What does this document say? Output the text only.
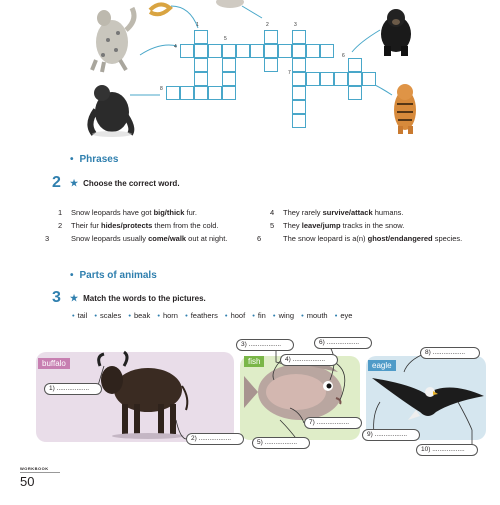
1	2	3
4
5
6
7
8
• Phrases
2 ★ Choose the correct word.
1 Snow leopards have got big/thick fur.
2 Their fur hides/protects them from the cold.
3	Snow leopards usually come/walk out at night.
4 They rarely survive/attack humans.
5 They leave/jump tracks in the snow.
6	The snow leopard is a(n) ghost/endangered species.
• Parts of animals
3 ★ Match the words to the pictures.
• tail • scales • beak • horn • feathers • hoof • fin • wing • mouth • eye
buffalo	fish	eagle
1) ..................
2) ..................
3) ..................
4) ..................
5) ..................
6) ..................
7) ..................
8) ..................
9) ..................
10) ..................
WORKBOOK
50
